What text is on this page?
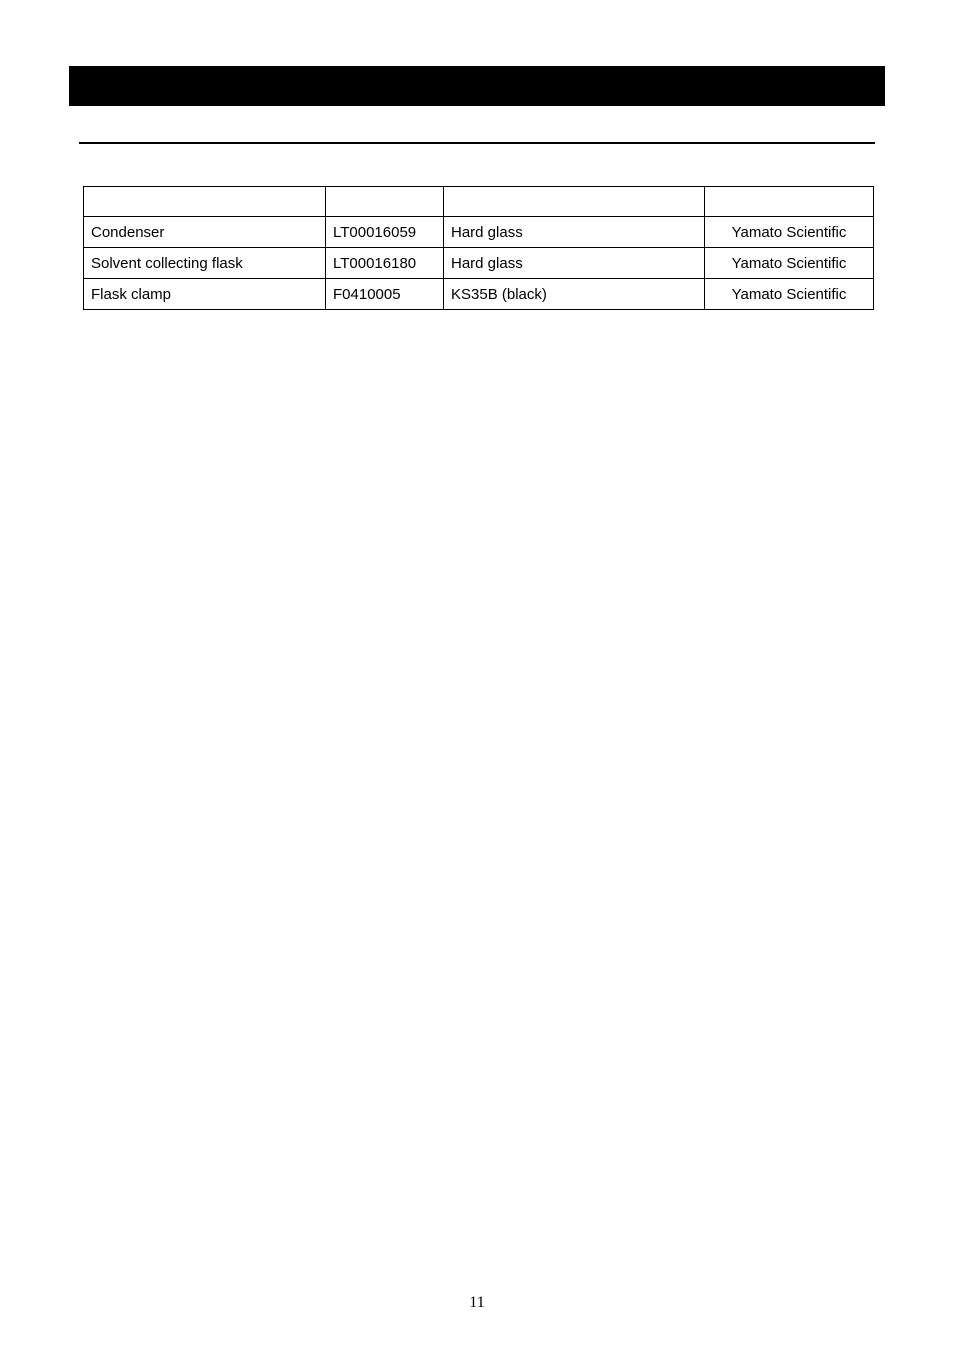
Condenser	LT00016059	Hard glass	Yamato Scientific
Solvent collecting flask	LT00016180	Hard glass	Yamato Scientific
Flask clamp	F0410005	KS35B (black)	Yamato Scientific
11
